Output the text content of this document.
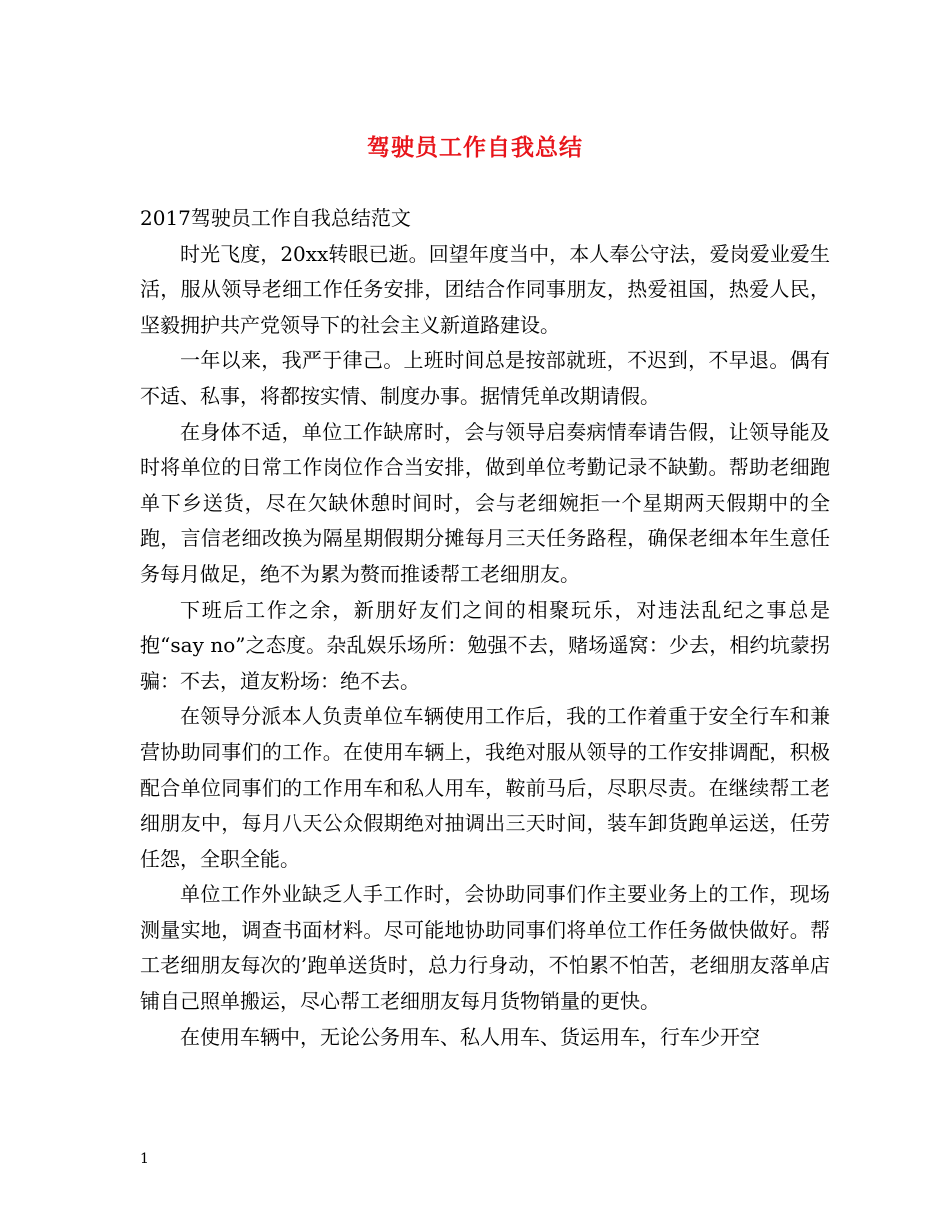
驾驶员工作自我总结

2017驾驶员工作自我总结范文

时光飞度，20xx转眼已逝。回望年度当中，本人奉公守法，爱岗爱业爱生活，服从领导老细工作任务安排，团结合作同事朋友，热爱祖国，热爱人民，坚毅拥护共产党领导下的社会主义新道路建设。

一年以来，我严于律己。上班时间总是按部就班，不迟到，不早退。偶有不适、私事，将都按实情、制度办事。据情凭单改期请假。

在身体不适，单位工作缺席时，会与领导启奏病情奉请告假，让领导能及时将单位的日常工作岗位作合当安排，做到单位考勤记录不缺勤。帮助老细跑单下乡送货，尽在欠缺休憩时间时，会与老细婉拒一个星期两天假期中的全跑，言信老细改换为隔星期假期分摊每月三天任务路程，确保老细本年生意任务每月做足，绝不为累为赘而推诿帮工老细朋友。

下班后工作之余，新朋好友们之间的相聚玩乐，对违法乱纪之事总是抱“say no”之态度。杂乱娱乐场所：勉强不去，赌场遥窝：少去，相约坑蒙拐骗：不去，道友粉场：绝不去。

在领导分派本人负责单位车辆使用工作后，我的工作着重于安全行车和兼营协助同事们的工作。在使用车辆上，我绝对服从领导的工作安排调配，积极配合单位同事们的工作用车和私人用车，鞍前马后，尽职尽责。在继续帮工老细朋友中，每月八天公众假期绝对抽调出三天时间，装车卸货跑单运送，任劳任怨，全职全能。

单位工作外业缺乏人手工作时，会协助同事们作主要业务上的工作，现场测量实地，调查书面材料。尽可能地协助同事们将单位工作任务做快做好。帮工老细朋友每次的’跑单送货时，总力行身动，不怕累不怕苦，老细朋友落单店铺自己照单搬运，尽心帮工老细朋友每月货物销量的更快。

在使用车辆中，无论公务用车、私人用车、货运用车，行车少开空

1
